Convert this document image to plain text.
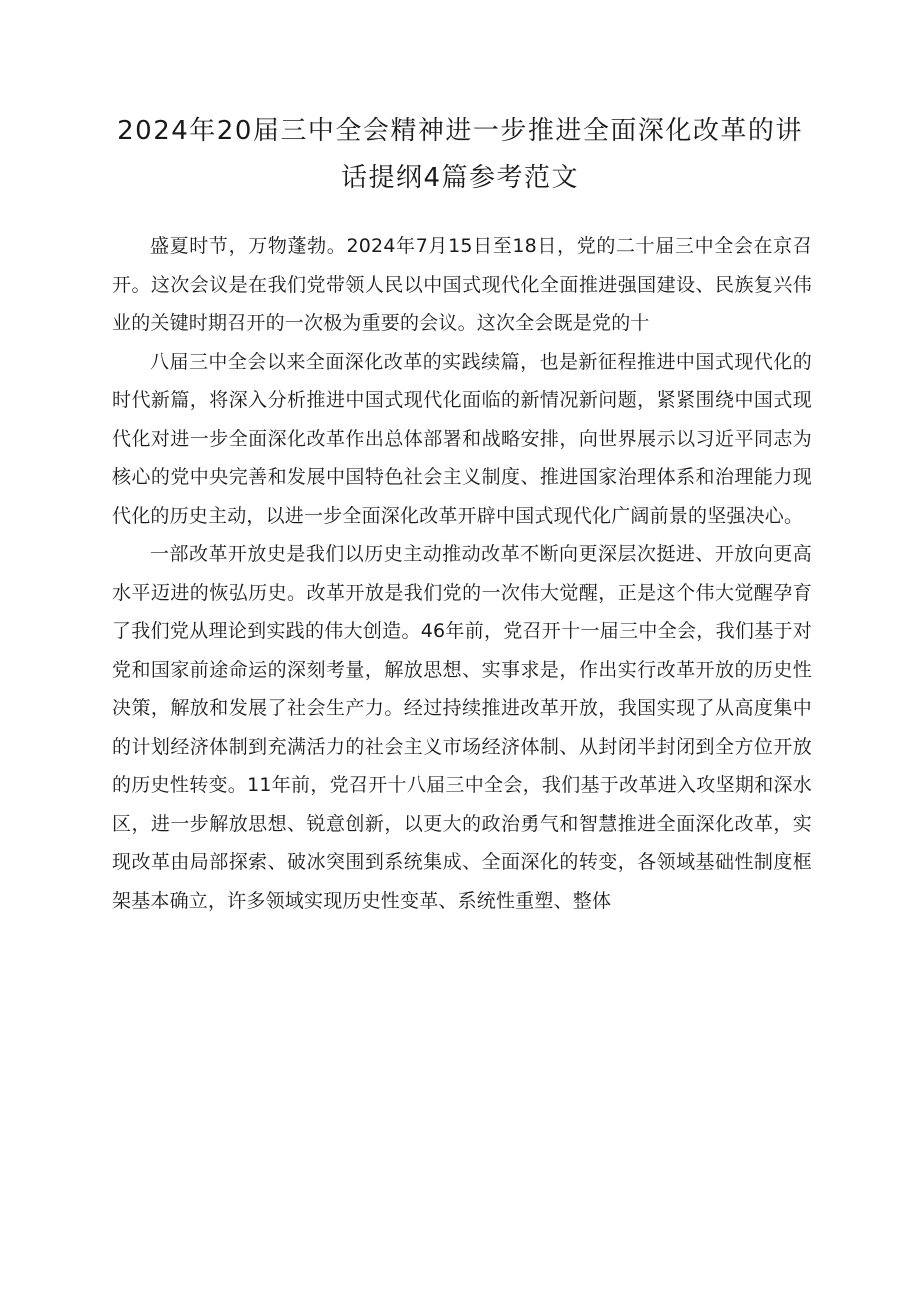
2024年20届三中全会精神进一步推进全面深化改革的讲话提纲4篇参考范文

盛夏时节，万物蓬勃。2024年7月15日至18日，党的二十届三中全会在京召开。这次会议是在我们党带领人民以中国式现代化全面推进强国建设、民族复兴伟业的关键时期召开的一次极为重要的会议。这次全会既是党的十

八届三中全会以来全面深化改革的实践续篇，也是新征程推进中国式现代化的时代新篇，将深入分析推进中国式现代化面临的新情况新问题，紧紧围绕中国式现代化对进一步全面深化改革作出总体部署和战略安排，向世界展示以习近平同志为核心的党中央完善和发展中国特色社会主义制度、推进国家治理体系和治理能力现代化的历史主动，以进一步全面深化改革开辟中国式现代化广阔前景的坚强决心。

一部改革开放史是我们以历史主动推动改革不断向更深层次挺进、开放向更高水平迈进的恢弘历史。改革开放是我们党的一次伟大觉醒，正是这个伟大觉醒孕育了我们党从理论到实践的伟大创造。46年前，党召开十一届三中全会，我们基于对党和国家前途命运的深刻考量，解放思想、实事求是，作出实行改革开放的历史性决策，解放和发展了社会生产力。经过持续推进改革开放，我国实现了从高度集中的计划经济体制到充满活力的社会主义市场经济体制、从封闭半封闭到全方位开放的历史性转变。11年前，党召开十八届三中全会，我们基于改革进入攻坚期和深水区，进一步解放思想、锐意创新，以更大的政治勇气和智慧推进全面深化改革，实现改革由局部探索、破冰突围到系统集成、全面深化的转变，各领域基础性制度框架基本确立，许多领域实现历史性变革、系统性重塑、整体
